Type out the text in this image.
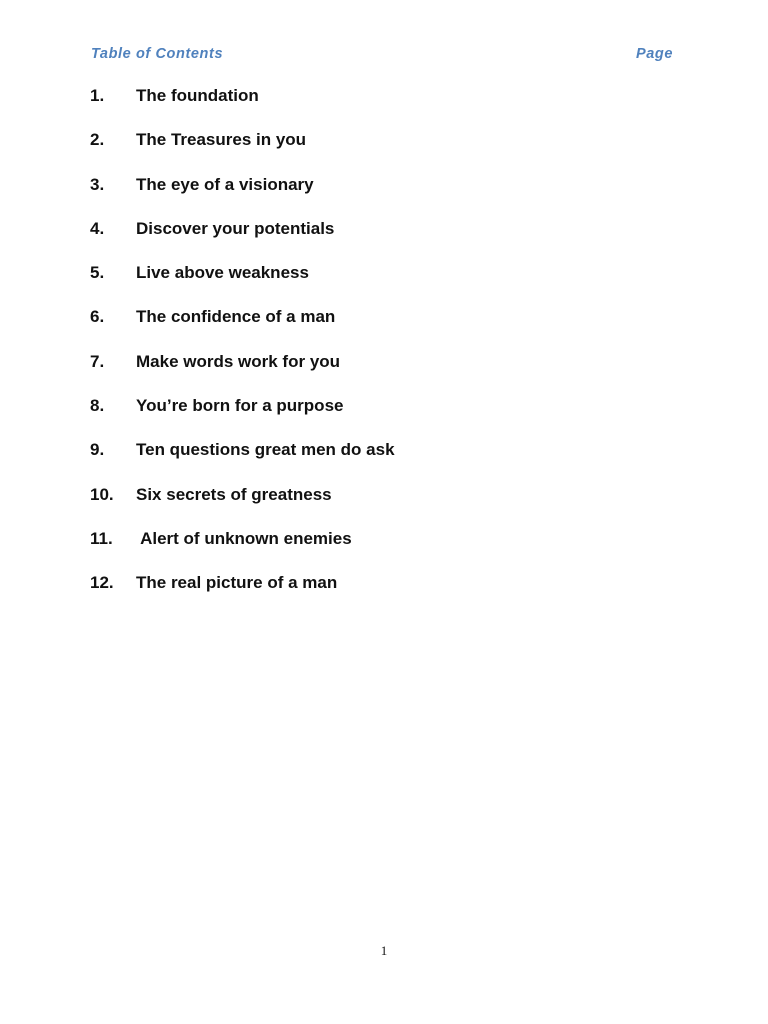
Table of Contents	Page
1. The foundation
2. The Treasures in you
3. The eye of a visionary
4. Discover your potentials
5. Live above weakness
6. The confidence of a man
7. Make words work for you
8. You’re born for a purpose
9. Ten questions great men do ask
10. Six secrets of greatness
11. Alert of unknown enemies
12. The real picture of a man
1
